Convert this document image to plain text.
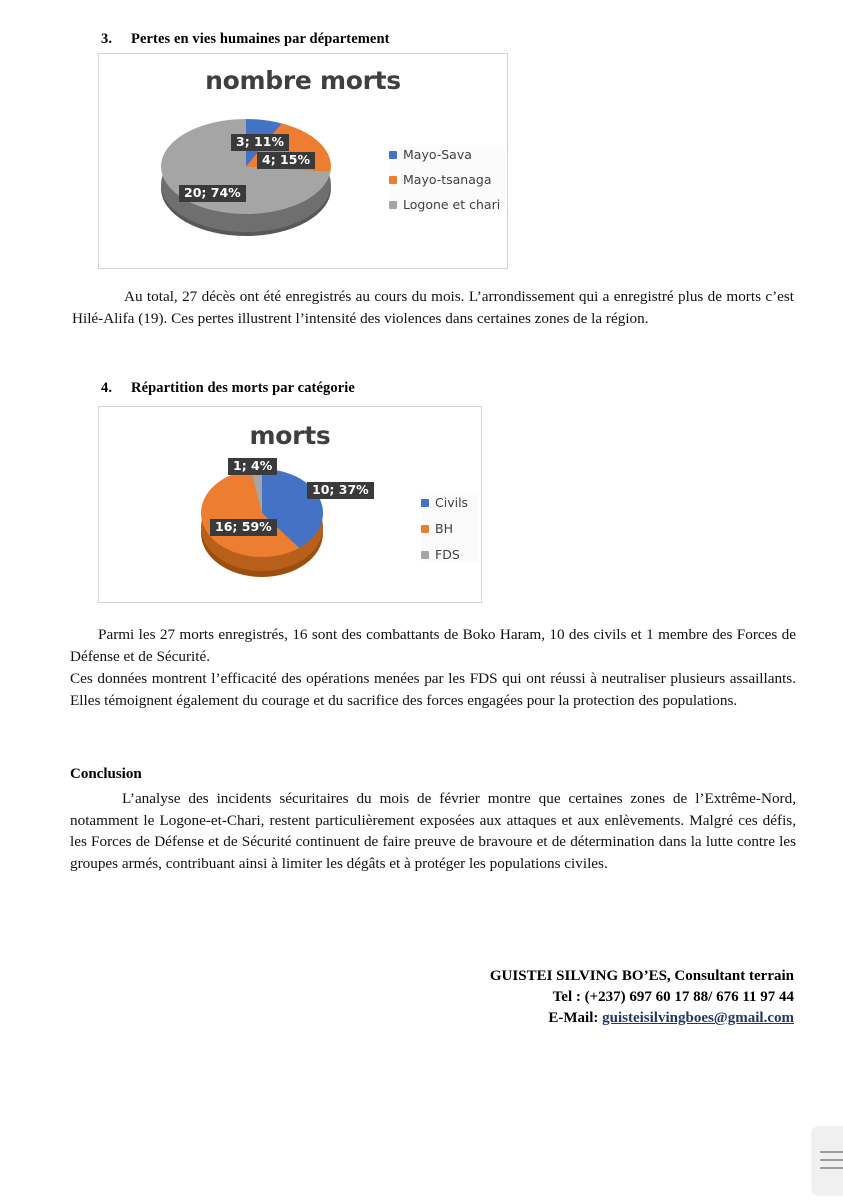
3. Pertes en vies humaines par département
nombre morts
3; 11%
4; 15%
20; 74%
Mayo-Sava
Mayo-tsanaga
Logone et chari
Au total, 27 décès ont été enregistrés au cours du mois. L’arrondissement qui a enregistré plus de morts c’est Hilé-Alifa (19). Ces pertes illustrent l’intensité des violences dans certaines zones de la région.
4. Répartition des morts par catégorie
morts
1; 4%
10; 37%
16; 59%
Civils
BH
FDS
Parmi les 27 morts enregistrés, 16 sont des combattants de Boko Haram, 10 des civils et 1 membre des Forces de Défense et de Sécurité.
Ces données montrent l’efficacité des opérations menées par les FDS qui ont réussi à neutraliser plusieurs assaillants. Elles témoignent également du courage et du sacrifice des forces engagées pour la protection des populations.
Conclusion
L’analyse des incidents sécuritaires du mois de février montre que certaines zones de l’Extrême-Nord, notamment le Logone-et-Chari, restent particulièrement exposées aux attaques et aux enlèvements. Malgré ces défis, les Forces de Défense et de Sécurité continuent de faire preuve de bravoure et de détermination dans la lutte contre les groupes armés, contribuant ainsi à limiter les dégâts et à protéger les populations civiles.
GUISTEI SILVING BO’ES, Consultant terrain
Tel : (+237) 697 60 17 88/ 676 11 97 44
E-Mail: guisteisilvingboes@gmail.com
